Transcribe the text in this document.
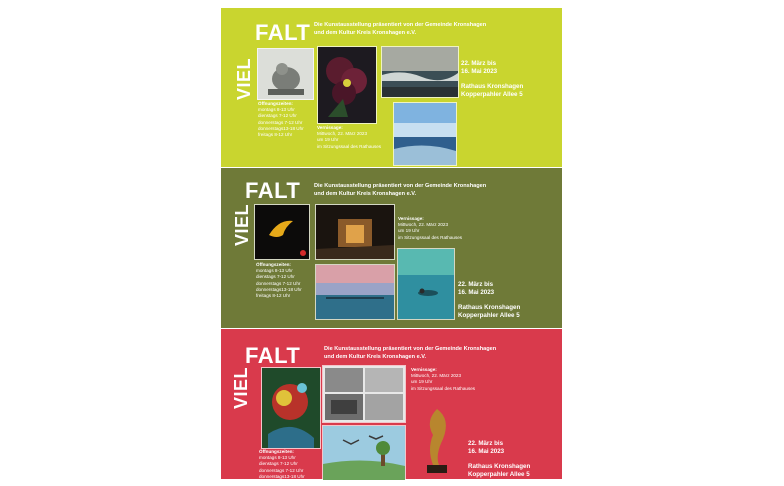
VIEL
FALT Die Kunstausstellung präsentiert von der Gemeinde Kronshagen
und dem Kultur Kreis Kronshagen e.V.
Öffnungszeiten:
montags 8-13 Uhr
dienstags 7-12 Uhr
donnerstags 7-12 Uhr
donnerstags13-18 Uhr
freitags 8-12 Uhr
Vernissage:
Mittwoch, 22. März 2023
um 19 Uhr
im Sitzungssaal des Rathauses
22. März bis
16. Mai 2023
Rathaus Kronshagen
Kopperpahler Allee 5
VIEL
FALT Die Kunstausstellung präsentiert von der Gemeinde Kronshagen
und dem Kultur Kreis Kronshagen e.V.
Öffnungszeiten:
montags 8-13 Uhr
dienstags 7-12 Uhr
donnerstags 7-12 Uhr
donnerstags13-18 Uhr
freitags 8-12 Uhr
Vernissage:
Mittwoch, 22. März 2023
um 19 Uhr
im Sitzungssaal des Rathauses
22. März bis
16. Mai 2023
Rathaus Kronshagen
Kopperpahler Allee 5
VIEL
FALT	Die Kunstausstellung präsentiert von der Gemeinde Kronshagen
und dem Kultur Kreis Kronshagen e.V.
Öffnungszeiten:
montags 8-13 Uhr
dienstags 7-12 Uhr
donnerstags 7-12 Uhr
donnerstags13-18 Uhr
freitags 8-12 Uhr
Vernissage:
Mittwoch, 22. März 2023
um 19 Uhr
im Sitzungssaal des Rathauses
22. März bis
16. Mai 2023
Rathaus Kronshagen
Kopperpahler Allee 5
